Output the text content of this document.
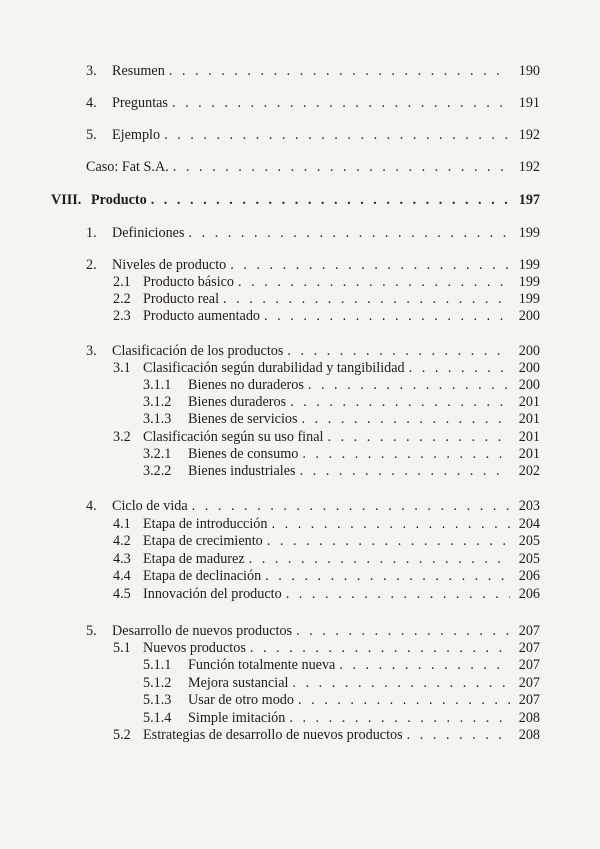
3.	Resumen . . .	190
4.	Preguntas . . .	191
5.	Ejemplo . . .	192
Caso: Fat S.A. . . .	192
VIII. Producto . . .	197
1.	Definiciones . . .	199
2.	Niveles de producto . . .	199
2.1 Producto básico . . .	199
2.2 Producto real . . .	199
2.3 Producto aumentado . . .	200
3.	Clasificación de los productos . . .	200
3.1 Clasificación según durabilidad y tangibilidad . . .	200
3.1.1	Bienes no duraderos . . .	200
3.1.2	Bienes duraderos . . .	201
3.1.3	Bienes de servicios . . .	201
3.2 Clasificación según su uso final . . .	201
3.2.1	Bienes de consumo . . .	201
3.2.2	Bienes industriales . . .	202
4.	Ciclo de vida . . .	203
4.1 Etapa de introducción . . .	204
4.2 Etapa de crecimiento . . .	205
4.3 Etapa de madurez . . .	205
4.4 Etapa de declinación . . .	206
4.5 Innovación del producto . . .	206
5.	Desarrollo de nuevos productos . . .	207
5.1 Nuevos productos . . .	207
5.1.1	Función totalmente nueva . . .	207
5.1.2	Mejora sustancial . . .	207
5.1.3	Usar de otro modo . . .	207
5.1.4	Simple imitación . . .	208
5.2 Estrategias de desarrollo de nuevos productos . . .	208
